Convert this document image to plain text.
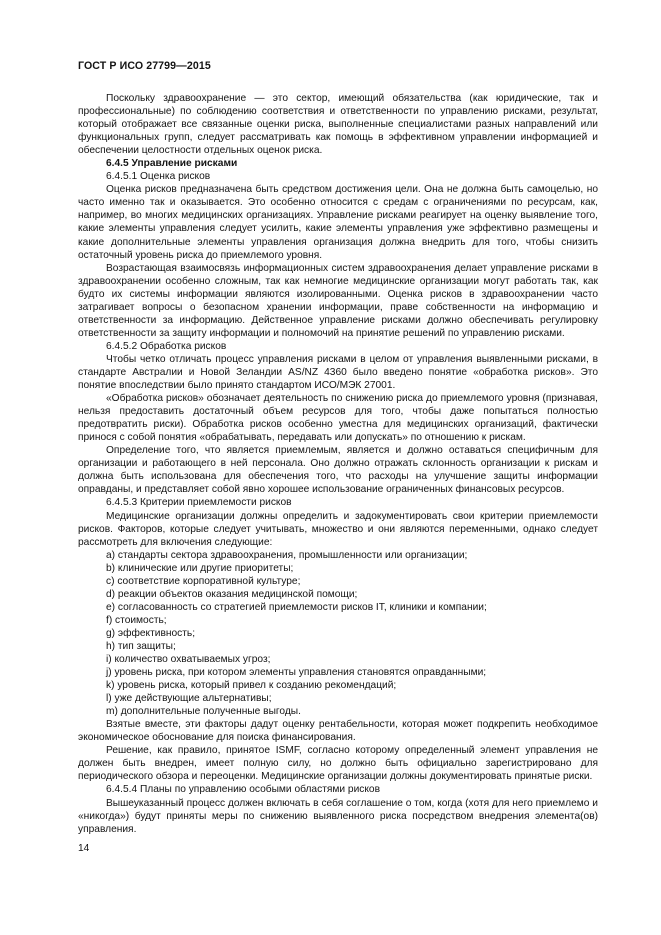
ГОСТ Р ИСО 27799—2015

Поскольку здравоохранение — это сектор, имеющий обязательства (как юридические, так и профессиональные) по соблюдению соответствия и ответственности по управлению рисками, результат, который отображает все связанные оценки риска, выполненные специалистами разных направлений или функциональных групп, следует рассматривать как помощь в эффективном управлении информацией и обеспечении целостности отдельных оценок риска.

6.4.5 Управление рисками

6.4.5.1 Оценка рисков

Оценка рисков предназначена быть средством достижения цели. Она не должна быть самоцелью, но часто именно так и оказывается. Это особенно относится с средам с ограничениями по ресурсам, как, например, во многих медицинских организациях. Управление рисками реагирует на оценку выявление того, какие элементы управления следует усилить, какие элементы управления уже эффективно размещены и какие дополнительные элементы управления организация должна внедрить для того, чтобы снизить остаточный уровень риска до приемлемого уровня.

Возрастающая взаимосвязь информационных систем здравоохранения делает управление рисками в здравоохранении особенно сложным, так как немногие медицинские организации могут работать так, как будто их системы информации являются изолированными. Оценка рисков в здравоохранении часто затрагивает вопросы о безопасном хранении информации, праве собственности на информацию и ответственности за информацию. Действенное управление рисками должно обеспечивать регулировку ответственности за защиту информации и полномочий на принятие решений по управлению рисками.

6.4.5.2 Обработка рисков

Чтобы четко отличать процесс управления рисками в целом от управления выявленными рисками, в стандарте Австралии и Новой Зеландии AS/NZ 4360 было введено понятие «обработка рисков». Это понятие впоследствии было принято стандартом ИСО/МЭК 27001.

«Обработка рисков» обозначает деятельность по снижению риска до приемлемого уровня (признавая, нельзя предоставить достаточный объем ресурсов для того, чтобы даже попытаться полностью предотвратить риски). Обработка рисков особенно уместна для медицинских организаций, фактически принося с собой понятия «обрабатывать, передавать или допускать» по отношению к рискам.

Определение того, что является приемлемым, является и должно оставаться специфичным для организации и работающего в ней персонала. Оно должно отражать склонность организации к рискам и должна быть использована для обеспечения того, что расходы на улучшение защиты информации оправданы, и представляет собой явно хорошее использование ограниченных финансовых ресурсов.

6.4.5.3 Критерии приемлемости рисков

Медицинские организации должны определить и задокументировать свои критерии приемлемости рисков. Факторов, которые следует учитывать, множество и они являются переменными, однако следует рассмотреть для включения следующие:

a) стандарты сектора здравоохранения, промышленности или организации;

b) клинические или другие приоритеты;

c) соответствие корпоративной культуре;

d) реакции объектов оказания медицинской помощи;

e) согласованность со стратегией приемлемости рисков IT, клиники и компании;

f) стоимость;

g) эффективность;

h) тип защиты;

i) количество охватываемых угроз;

j) уровень риска, при котором элементы управления становятся оправданными;

k) уровень риска, который привел к созданию рекомендаций;

l) уже действующие альтернативы;

m) дополнительные полученные выгоды.

Взятые вместе, эти факторы дадут оценку рентабельности, которая может подкрепить необходимое экономическое обоснование для поиска финансирования.

Решение, как правило, принятое ISMF, согласно которому определенный элемент управления не должен быть внедрен, имеет полную силу, но должно быть официально зарегистрировано для периодического обзора и переоценки. Медицинские организации должны документировать принятые риски.

6.4.5.4 Планы по управлению особыми областями рисков

Вышеуказанный процесс должен включать в себя соглашение о том, когда (хотя для него приемлемо и «никогда») будут приняты меры по снижению выявленного риска посредством внедрения элемента(ов) управления.

14
